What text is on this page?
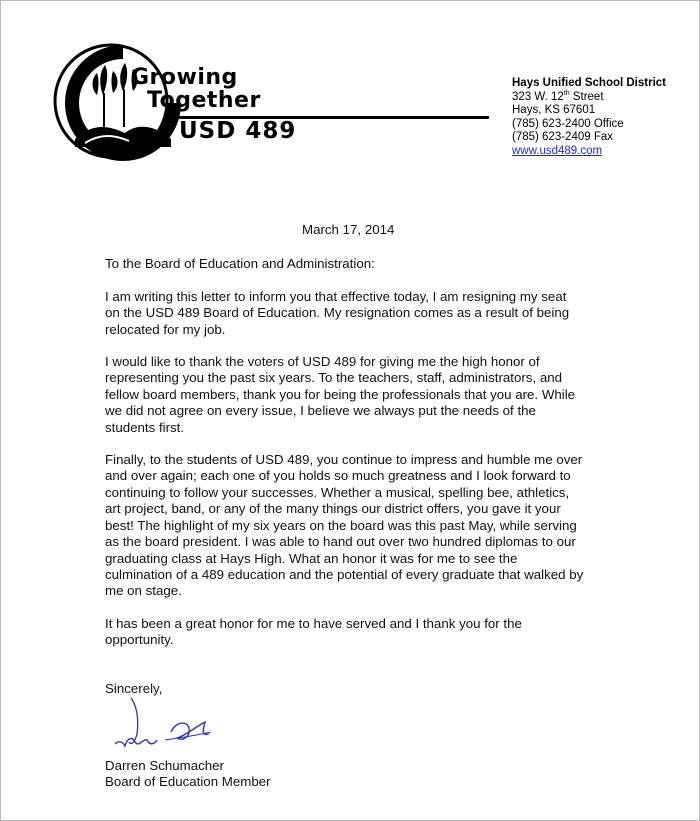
Growing
Together
USD 489
Hays Unified School District
323 W. 12th Street
Hays, KS 67601
(785) 623-2400 Office
(785) 623-2409 Fax
www.usd489.com
March 17, 2014

To the Board of Education and Administration:

I am writing this letter to inform you that effective today, I am resigning my seat
on the USD 489 Board of Education. My resignation comes as a result of being
relocated for my job.

I would like to thank the voters of USD 489 for giving me the high honor of
representing you the past six years. To the teachers, staff, administrators, and
fellow board members, thank you for being the professionals that you are. While
we did not agree on every issue, I believe we always put the needs of the
students first.

Finally, to the students of USD 489, you continue to impress and humble me over
and over again; each one of you holds so much greatness and I look forward to
continuing to follow your successes. Whether a musical, spelling bee, athletics,
art project, band, or any of the many things our district offers, you gave it your
best! The highlight of my six years on the board was this past May, while serving
as the board president. I was able to hand out over two hundred diplomas to our
graduating class at Hays High. What an honor it was for me to see the
culmination of a 489 education and the potential of every graduate that walked by
me on stage.

It has been a great honor for me to have served and I thank you for the
opportunity.

Sincerely,
Darren Schumacher
Board of Education Member
